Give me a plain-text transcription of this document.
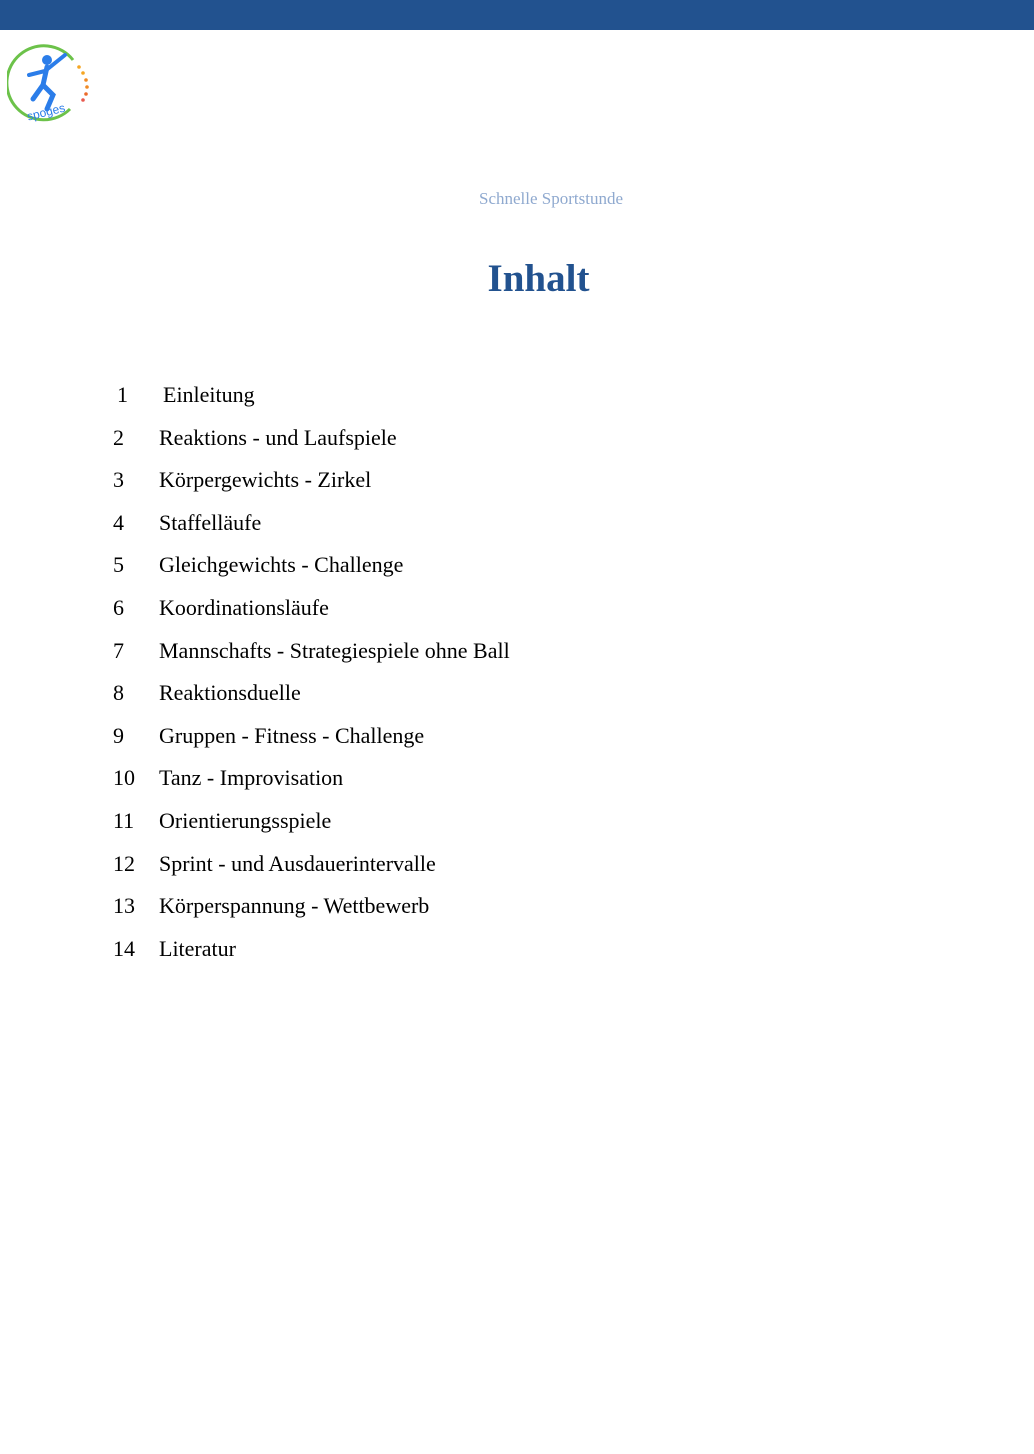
spoges
Schnelle Sportstunde
Inhalt
1 Einleitung
2 Reaktions - und Laufspiele
3 Körpergewichts - Zirkel
4 Staffelläufe
5 Gleichgewichts - Challenge
6 Koordinationsläufe
7 Mannschafts - Strategiespiele ohne Ball
8 Reaktionsduelle
9 Gruppen - Fitness - Challenge
10 Tanz - Improvisation
11 Orientierungsspiele
12 Sprint - und Ausdauerintervalle
13 Körperspannung - Wettbewerb
14 Literatur
